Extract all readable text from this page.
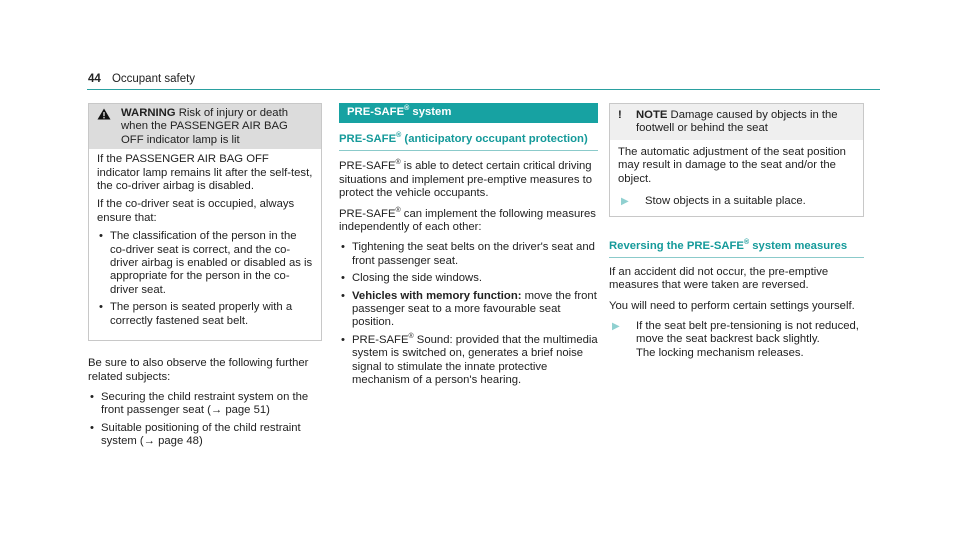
44 Occupant safety
WARNING Risk of injury or death when the PASSENGER AIR BAG OFF indicator lamp is lit

If the PASSENGER AIR BAG OFF indicator lamp remains lit after the self-test, the co-driver airbag is disabled.

If the co-driver seat is occupied, always ensure that:

• The classification of the person in the co-driver seat is correct, and the co-driver airbag is enabled or disabled as is appropriate for the person in the co-driver seat.
• The person is seated properly with a correctly fastened seat belt.

Be sure to also observe the following further related subjects:

• Securing the child restraint system on the front passenger seat (→ page 51)
• Suitable positioning of the child restraint system (→ page 48)
PRE-SAFE® system
PRE-SAFE® (anticipatory occupant protection)

PRE-SAFE® is able to detect certain critical driving situations and implement pre-emptive measures to protect the vehicle occupants.

PRE-SAFE® can implement the following measures independently of each other:

• Tightening the seat belts on the driver's seat and front passenger seat.
• Closing the side windows.
• Vehicles with memory function: move the front passenger seat to a more favourable seat position.
• PRE-SAFE® Sound: provided that the multimedia system is switched on, generates a brief noise signal to stimulate the innate protective mechanism of a person's hearing.
!	NOTE Damage caused by objects in the footwell or behind the seat

The automatic adjustment of the seat position may result in damage to the seat and/or the object.

▶	Stow objects in a suitable place.
Reversing the PRE-SAFE® system measures

If an accident did not occur, the pre-emptive measures that were taken are reversed.

You will need to perform certain settings yourself.

▶	If the seat belt pre-tensioning is not reduced, move the seat backrest back slightly.
The locking mechanism releases.
